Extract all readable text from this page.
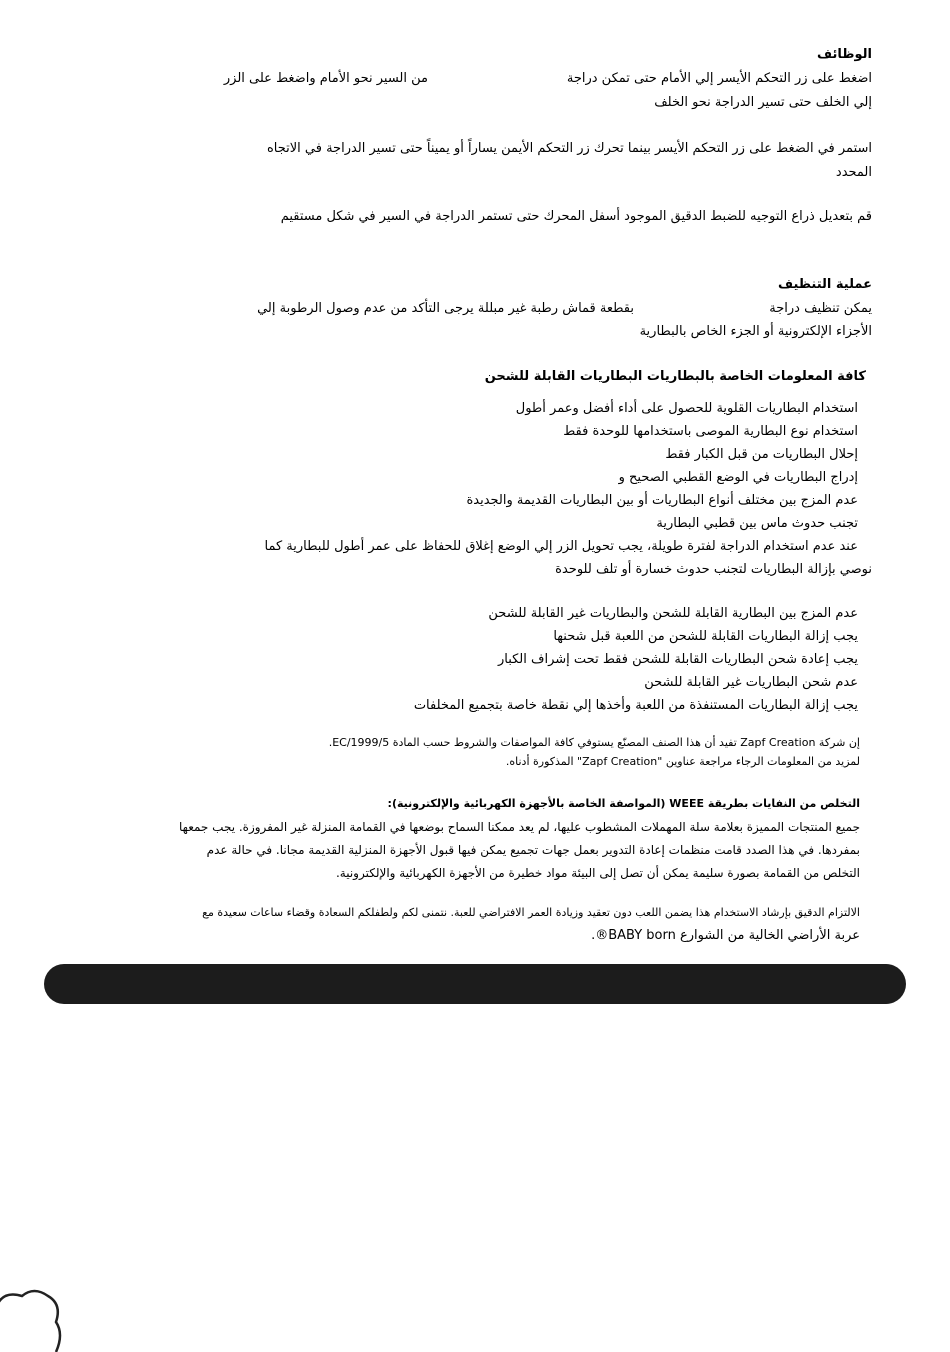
الوظائف
اضغط على زر التحكم الأيسر إلي الأمام حتى تمكن دراجة
من السير نحو الأمام واضغط على الزر
إلي الخلف حتى تسير الدراجة نحو الخلف
استمر في الضغط على زر التحكم الأيسر بينما تحرك زر التحكم الأيمن يساراً أو يميناً حتى تسير الدراجة في الاتجاه
المحدد
قم بتعديل ذراع التوجيه للضبط الدقيق الموجود أسفل المحرك حتى تستمر الدراجة في السير في شكل مستقيم
عملية التنظيف
يمكن تنظيف دراجة
بقطعة قماش رطبة غير مبللة يرجى التأكد من عدم وصول الرطوبة إلي
الأجزاء الإلكترونية أو الجزء الخاص بالبطارية
كافة المعلومات الخاصة بالبطاريات البطاريات القابلة للشحن
استخدام البطاريات القلوية للحصول على أداء أفضل وعمر أطول
استخدام نوع البطارية الموصى باستخدامها للوحدة فقط
إحلال البطاريات من قبل الكبار فقط
إدراج البطاريات في الوضع القطبي الصحيح و
عدم المزج بين مختلف أنواع البطاريات أو بين البطاريات القديمة والجديدة
تجنب حدوث ماس بين قطبي البطارية
عند عدم استخدام الدراجة لفترة طويلة، يجب تحويل الزر إلي الوضع إغلاق للحفاظ على عمر أطول للبطارية كما
نوصي بإزالة البطاريات لتجنب حدوث خسارة أو تلف للوحدة
عدم المزج بين البطارية القابلة للشحن والبطاريات غير القابلة للشحن
يجب إزالة البطاريات القابلة للشحن من اللعبة قبل شحنها
يجب إعادة شحن البطاريات القابلة للشحن فقط تحت إشراف الكبار
عدم شحن البطاريات غير القابلة للشحن
يجب إزالة البطاريات المستنفذة من اللعبة وأخذها إلي نقطة خاصة بتجميع المخلفات
إن شركة Zapf Creation تفيد أن هذا الصنف المصنّع يستوفي كافة المواصفات والشروط حسب المادة EC/1999/5.
لمزيد من المعلومات الرجاء مراجعة عناوين "Zapf Creation" المذكورة أدناه.
التخلص من النفايات بطريقة WEEE (المواصفة الخاصة بالأجهزة الكهربائية والإلكترونية):
جميع المنتجات المميزة بعلامة سلة المهملات المشطوب عليها، لم يعد ممكنا السماح بوضعها في القمامة المنزلة غير المفروزة. يجب جمعها
بمفردها. في هذا الصدد قامت منظمات إعادة التدوير بعمل جهات تجميع يمكن فيها قبول الأجهزة المنزلية القديمة مجانا. في حالة عدم
التخلص من القمامة بصورة سليمة يمكن أن تصل إلى البيئة مواد خطيرة من الأجهزة الكهربائية والإلكترونية.
الالتزام الدقيق بإرشاد الاستخدام هذا يضمن اللعب دون تعقيد وزيادة العمر الافتراضي للعبة. نتمنى لكم ولطفلكم السعادة وقضاء ساعات سعيدة مع
عربة الأراضي الخالية من الشوارع BABY born®.
